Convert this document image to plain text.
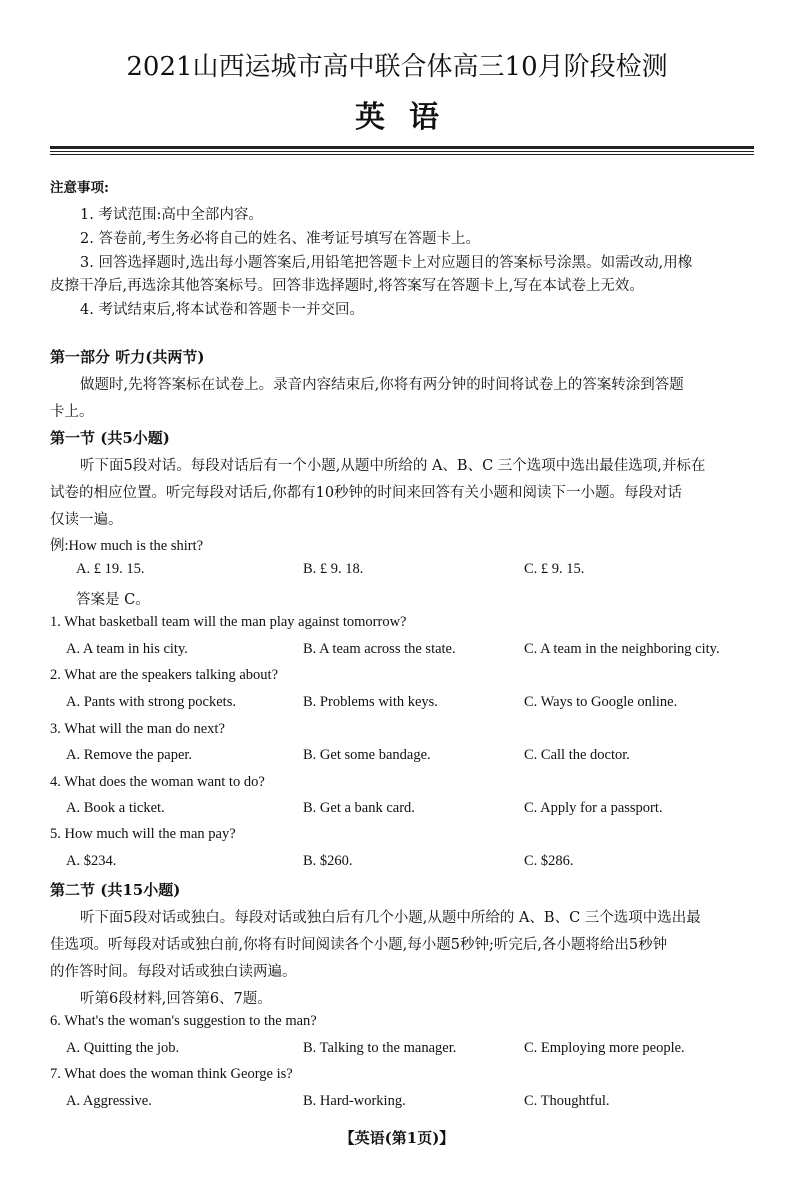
2021山西运城市高中联合体高三10月阶段检测
英语
注意事项:
1. 考试范围:高中全部内容。
2. 答卷前,考生务必将自己的姓名、准考证号填写在答题卡上。
3. 回答选择题时,选出每小题答案后,用铅笔把答题卡上对应题目的答案标号涂黑。如需改动,用橡
皮擦干净后,再选涂其他答案标号。回答非选择题时,将答案写在答题卡上,写在本试卷上无效。
4. 考试结束后,将本试卷和答题卡一并交回。
第一部分 听力(共两节)
做题时,先将答案标在试卷上。录音内容结束后,你将有两分钟的时间将试卷上的答案转涂到答题
卡上。
第一节 (共5小题)
听下面5段对话。每段对话后有一个小题,从题中所给的 A、B、C 三个选项中选出最佳选项,并标在
试卷的相应位置。听完每段对话后,你都有10秒钟的时间来回答有关小题和阅读下一小题。每段对话
仅读一遍。
例:How much is the shirt?
A. £ 19. 15.	B. £ 9. 18.	C. £ 9. 15.
答案是 C。
1. What basketball team will the man play against tomorrow?
A. A team in his city.	B. A team across the state.	C. A team in the neighboring city.
2. What are the speakers talking about?
A. Pants with strong pockets.	B. Problems with keys.	C. Ways to Google online.
3. What will the man do next?
A. Remove the paper.	B. Get some bandage.	C. Call the doctor.
4. What does the woman want to do?
A. Book a ticket.	B. Get a bank card.	C. Apply for a passport.
5. How much will the man pay?
A. $234.	B. $260.	C. $286.
第二节 (共15小题)
听下面5段对话或独白。每段对话或独白后有几个小题,从题中所给的 A、B、C 三个选项中选出最
佳选项。听每段对话或独白前,你将有时间阅读各个小题,每小题5秒钟;听完后,各小题将给出5秒钟
的作答时间。每段对话或独白读两遍。
听第6段材料,回答第6、7题。
6. What's the woman's suggestion to the man?
A. Quitting the job.	B. Talking to the manager.	C. Employing more people.
7. What does the woman think George is?
A. Aggressive.	B. Hard-working.	C. Thoughtful.
【英语(第1页)】
